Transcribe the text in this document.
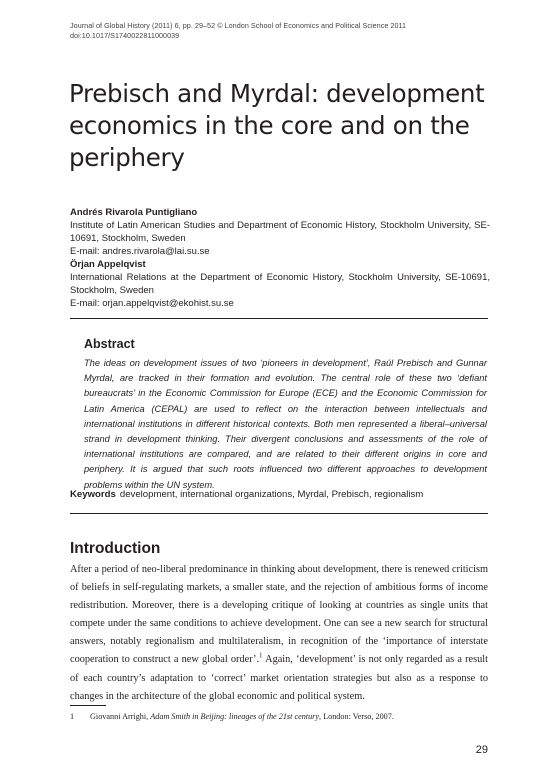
Journal of Global History (2011) 6, pp. 29–52 © London School of Economics and Political Science 2011
doi:10.1017/S1740022811000039
Prebisch and Myrdal: development economics in the core and on the periphery
Andrés Rivarola Puntigliano
Institute of Latin American Studies and Department of Economic History, Stockholm University, SE-10691, Stockholm, Sweden
E-mail: andres.rivarola@lai.su.se
Örjan Appelqvist
International Relations at the Department of Economic History, Stockholm University, SE-10691, Stockholm, Sweden
E-mail: orjan.appelqvist@ekohist.su.se
Abstract

The ideas on development issues of two ‘pioneers in development’, Raúl Prebisch and Gunnar Myrdal, are tracked in their formation and evolution. The central role of these two ‘defiant bureaucrats’ in the Economic Commission for Europe (ECE) and the Economic Commission for Latin America (CEPAL) are used to reflect on the interaction between intellectuals and international institutions in different historical contexts. Both men represented a liberal–universal strand in development thinking. Their divergent conclusions and assessments of the role of international institutions are compared, and are related to their different origins in core and periphery. It is argued that such roots influenced two different approaches to development problems within the UN system.

Keywords development, international organizations, Myrdal, Prebisch, regionalism
Introduction

After a period of neo-liberal predominance in thinking about development, there is renewed criticism of beliefs in self-regulating markets, a smaller state, and the rejection of ambitious forms of income redistribution. Moreover, there is a developing critique of looking at countries as single units that compete under the same conditions to achieve development. One can see a new search for structural answers, notably regionalism and multilateralism, in recognition of the ‘importance of interstate cooperation to construct a new global order’.$^1$ Again, ‘development’ is not only regarded as a result of each country’s adaptation to ‘correct’ market orientation strategies but also as a response to changes in the architecture of the global economic and political system.

1 Giovanni Arrighi, Adam Smith in Beijing: lineages of the 21st century, London: Verso, 2007.
29
